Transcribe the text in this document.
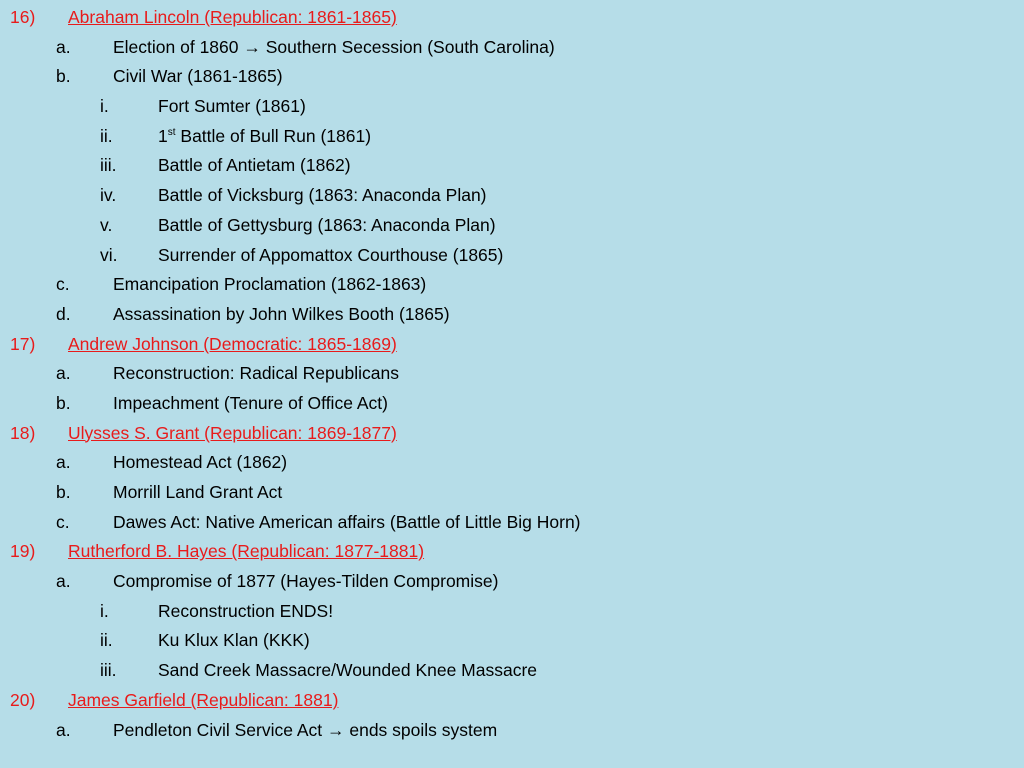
16) Abraham Lincoln (Republican: 1861-1865)
a. Election of 1860 → Southern Secession (South Carolina)
b. Civil War (1861-1865)
i.	Fort Sumter (1861)
ii.	1st Battle of Bull Run (1861)
iii. Battle of Antietam (1862)
iv. Battle of Vicksburg (1863: Anaconda Plan)
v.	Battle of Gettysburg (1863: Anaconda Plan)
vi. Surrender of Appomattox Courthouse (1865)
c. Emancipation Proclamation (1862-1863)
d. Assassination by John Wilkes Booth (1865)
17) Andrew Johnson (Democratic: 1865-1869)
a. Reconstruction: Radical Republicans
b. Impeachment (Tenure of Office Act)
18) Ulysses S. Grant (Republican: 1869-1877)
a. Homestead Act (1862)
b. Morrill Land Grant Act
c. Dawes Act: Native American affairs (Battle of Little Big Horn)
19) Rutherford B. Hayes (Republican: 1877-1881)
a. Compromise of 1877 (Hayes-Tilden Compromise)
i.	Reconstruction ENDS!
ii.	Ku Klux Klan (KKK)
iii. Sand Creek Massacre/Wounded Knee Massacre
20) James Garfield (Republican: 1881)
a. Pendleton Civil Service Act → ends spoils system
